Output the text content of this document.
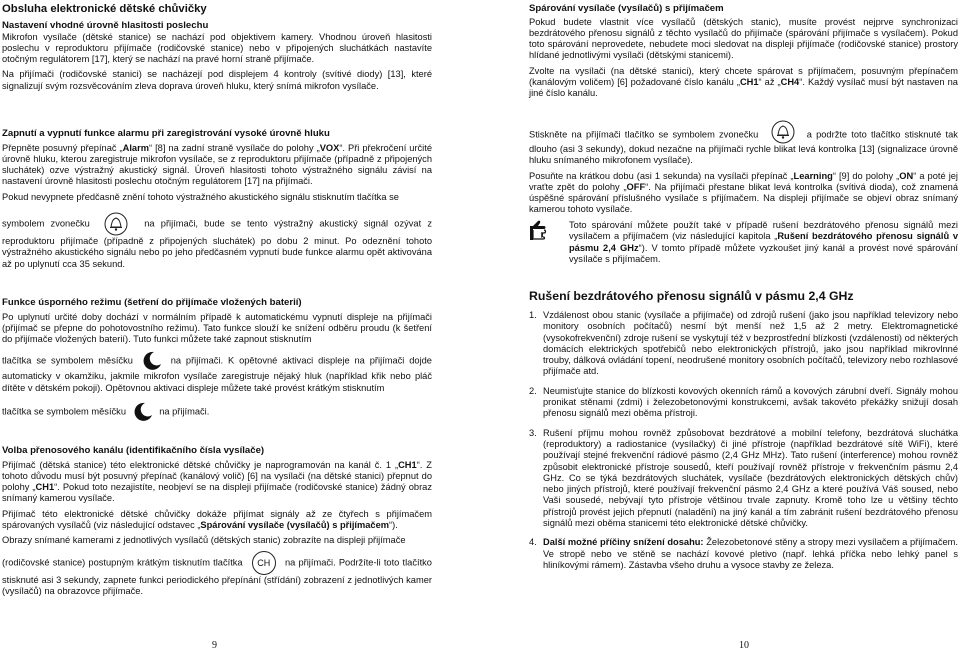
Obsluha elektronické dětské chůvičky
Nastavení vhodné úrovně hlasitosti poslechu

Mikrofon vysílače (dětské stanice) se nachází pod objektivem kamery. Vhodnou úroveň hlasitosti poslechu v reproduktoru přijímače (rodičovské stanice) nebo v připojených sluchátkách nastavíte otočným regulátorem [17], který se nachází na pravé horní straně přijímače.

Na přijímači (rodičovské stanici) se nacházejí pod displejem 4 kontroly (svítivé diody) [13], které signalizují svým rozsvěcováním zleva doprava úroveň hluku, který snímá mikrofon vysílače.

Zapnutí a vypnutí funkce alarmu při zaregistrování vysoké úrovně hluku

Přepněte posuvný přepínač „Alarm“ [8] na zadní straně vysílače do polohy „VOX“. Při překročení určité úrovně hluku, kterou zaregistruje mikrofon vysílače, se z reproduktoru přijímače (případně z připojených sluchátek) ozve výstražný akustický signál. Úroveň hlasitosti tohoto výstražného signálu závisí na nastavení úrovně hlasitosti poslechu otočným regulátorem [17] na přijímači.

Pokud nevypnete předčasně znění tohoto výstražného akustického signálu stisknutím tlačítka se

symbolem zvonečku	na přijímači, bude se tento výstražný akustický signál ozývat z reproduktoru přijímače (případně z připojených sluchátek) po dobu 2 minut. Po odeznění tohoto výstražného akustického signálu nebo po jeho předčasném vypnutí bude funkce alarmu opět aktivována až po uplynutí cca 35 sekund.

Funkce úsporného režimu (šetření do přijímače vložených baterií)

Po uplynutí určité doby dochází v normálním případě k automatickému vypnutí displeje na přijímači (přijímač se přepne do pohotovostního režimu). Tato funkce slouží ke snížení odběru proudu (k šetření do přijímače vložených baterií). Tuto funkci můžete také zapnout stisknutím

tlačítka se symbolem měsíčku	na přijímači. K opětovné aktivaci displeje na přijímači dojde automaticky v okamžiku, jakmile mikrofon vysílače zaregistruje nějaký hluk (například křik nebo pláč dítěte v dětském pokoji). Opětovnou aktivaci displeje můžete také provést krátkým stisknutím

tlačítka se symbolem měsíčku	na přijímači.

Volba přenosového kanálu (identifikačního čísla vysílače)

Přijímač (dětská stanice) této elektronické dětské chůvičky je naprogramován na kanál č. 1 „CH1“. Z tohoto důvodu musí být posuvný přepínač (kanálový volič) [6] na vysílači (na dětské stanici) přepnut do polohy „CH1“. Pokud toto nezajistíte, neobjeví se na displeji přijímače (rodičovské stanice) žádný obraz snímaný kamerou vysílače.

Přijímač této elektronické dětské chůvičky dokáže přijímat signály až ze čtyřech s přijímačem spárovaných vysílačů (viz následující odstavec „Spárování vysílače (vysílačů) s přijímačem“).

Obrazy snímané kamerami z jednotlivých vysílačů (dětských stanic) zobrazíte na displeji přijímače

(rodičovské stanice) postupným krátkým tisknutím tlačítka CH na přijímači. Podržíte-li toto tlačítko stisknuté asi 3 sekundy, zapnete funkci periodického přepínání (střídání) zobrazení z jednotlivých kamer (vysílačů) na obrazovce přijímače.

9
Spárování vysílače (vysílačů) s přijímačem

Pokud budete vlastnit více vysílačů (dětských stanic), musíte provést nejprve synchronizaci bezdrátového přenosu signálů z těchto vysílačů do přijímače (spárování přijímače s vysílačem). Pokud toto spárování neprovedete, nebudete moci sledovat na displeji přijímače (rodičovské stanice) prostory hlídané jednotlivými vysílači (dětskými stanicemi).

Zvolte na vysílači (na dětské stanici), který chcete spárovat s přijímačem, posuvným přepínačem (kanálovým voličem) [6] požadované číslo kanálu „CH1“ až „CH4“. Každý vysílač musí být nastaven na jiné číslo kanálu.

Stiskněte na přijímači tlačítko se symbolem zvonečku	a podržte toto tlačítko stisknuté tak dlouho (asi 3 sekundy), dokud nezačne na přijímači rychle blikat levá kontrolka [13] (signalizace úrovně hluku snímaného mikrofonem vysílače).

Posuňte na krátkou dobu (asi 1 sekunda) na vysílači přepínač „Learning“ [9] do polohy „ON“ a poté jej vraťte zpět do polohy „OFF“. Na přijímači přestane blikat levá kontrolka (svítivá dioda), což znamená úspěšné spárování příslušného vysílače s přijímačem. Na displeji přijímače se objeví obraz snímaný kamerou tohoto vysílače.

Toto spárování můžete použít také v případě rušení bezdrátového přenosu signálů mezi vysílačem a přijímačem (viz následující kapitola „Rušení bezdrátového přenosu signálů v pásmu 2,4 GHz“). V tomto případě můžete vyzkoušet jiný kanál a provést nové spárování vysílače s přijímačem.

Rušení bezdrátového přenosu signálů v pásmu 2,4 GHz
1. Vzdálenost obou stanic (vysílače a přijímače) od zdrojů rušení (jako jsou například televizory nebo monitory osobních počítačů) nesmí být menší než 1,5 až 2 metry. Elektromagnetické (vysokofrekvenční) zdroje rušení se vyskytují též v bezprostřední blízkosti (vzdálenosti) od některých domácích elektrických spotřebičů nebo elektronických přístrojů, jako jsou například mikrovlnné trouby, dálková ovládání topení, neodrušené monitory osobních počítačů, televizory nebo rozhlasové přijímače atd.
2. Neumisťujte stanice do blízkosti kovových okenních rámů a kovových zárubní dveří. Signály mohou pronikat stěnami (zdmi) i železobetonovými konstrukcemi, avšak takovéto překážky snižují dosah přenosu signálů mezi oběma přístroji.
3. Rušení příjmu mohou rovněž způsobovat bezdrátové a mobilní telefony, bezdrátová sluchátka (reproduktory) a radiostanice (vysílačky) či jiné přístroje (například bezdrátové sítě WiFi), které používají stejné frekvenční rádiové pásmo (2,4 GHz MHz). Tato rušení (interference) mohou rovněž způsobit elektronické přístroje sousedů, kteří používají rovněž přístroje v frekvenčním pásmu 2,4 GHz. Co se týká bezdrátových sluchátek, vysílače (bezdrátových elektronických dětských chův) nebo jiných přístrojů, které používají frekvenční pásmo 2,4 GHz a které používá Váš soused, nebo Vaši sousedé, nebývají tyto přístroje většinou trvale zapnuty. Kromě toho lze u většiny těchto přístrojů provést jejich přepnutí (naladění) na jiný kanál a tím zabránit rušení bezdrátového přenosu signálů mezi oběma stanicemi této elektronické dětské chůvičky.
4. Další možné příčiny snížení dosahu: Železobetonové stěny a stropy mezi vysílačem a přijímačem. Ve stropě nebo ve stěně se nachází kovové pletivo (např. lehká příčka nebo lehký panel s hliníkovými rámem). Zástavba všeho druhu a vysoce stavby ze železa.
10
